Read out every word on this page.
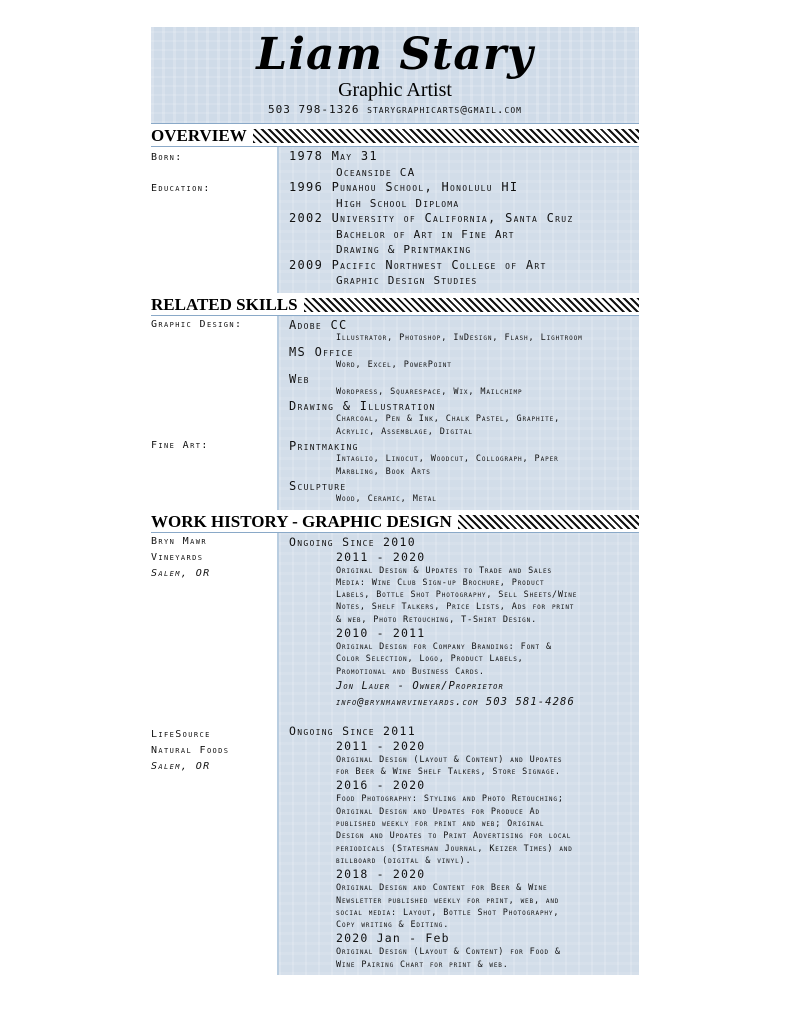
Liam Stary
Graphic Artist
503 798-1326 starygraphicarts@gmail.com
OVERVIEW
Born:
Education:
1978 May 31
Oceanside CA
1996 Punahou School, Honolulu HI
High School Diploma
2002 University of California, Santa Cruz
Bachelor of Art in Fine Art
Drawing & Printmaking
2009 Pacific Northwest College of Art
Graphic Design Studies
RELATED SKILLS
Graphic Design:
Fine Art:
Adobe CC
Illustrator, Photoshop, InDesign, Flash, Lightroom
MS Office
Word, Excel, PowerPoint
Web
Wordpress, Squarespace, Wix, Mailchimp
Drawing & Illustration
Charcoal, Pen & Ink, Chalk Pastel, Graphite,
Acrylic, Assemblage, Digital
Printmaking
Intaglio, Linocut, Woodcut, Collograph, Paper
Marbling, Book Arts
Sculpture
Wood, Ceramic, Metal
WORK HISTORY - GRAPHIC DESIGN
Bryn Mawr
Vineyards
Salem, OR
LifeSource
Natural Foods
Salem, OR
Ongoing Since 2010
2011 - 2020
Original Design & Updates to Trade and Sales
Media: Wine Club Sign-up Brochure, Product
Labels, Bottle Shot Photography, Sell Sheets/Wine
Notes, Shelf Talkers, Price Lists, Ads for print
& web, Photo Retouching, T-Shirt Design.
2010 - 2011
Original Design for Company Branding: Font &
Color Selection, Logo, Product Labels,
Promotional and Business Cards.
Jon Lauer - Owner/Proprietor
info@brynmawrvineyards.com 503 581-4286
Ongoing Since 2011
2011 - 2020
Original Design (Layout & Content) and Updates
for Beer & Wine Shelf Talkers, Store Signage.
2016 - 2020
Food Photography: Styling and Photo Retouching;
Original Design and Updates for Produce Ad
published weekly for print and web; Original
Design and Updates to Print Advertising for local
periodicals (Statesman Journal, Keizer Times) and
billboard (digital & vinyl).
2018 - 2020
Original Design and Content for Beer & Wine
Newsletter published weekly for print, web, and
social media: Layout, Bottle Shot Photography,
Copy writing & Editing.
2020 Jan - Feb
Original Design (Layout & Content) for Food &
Wine Pairing Chart for print & web.
